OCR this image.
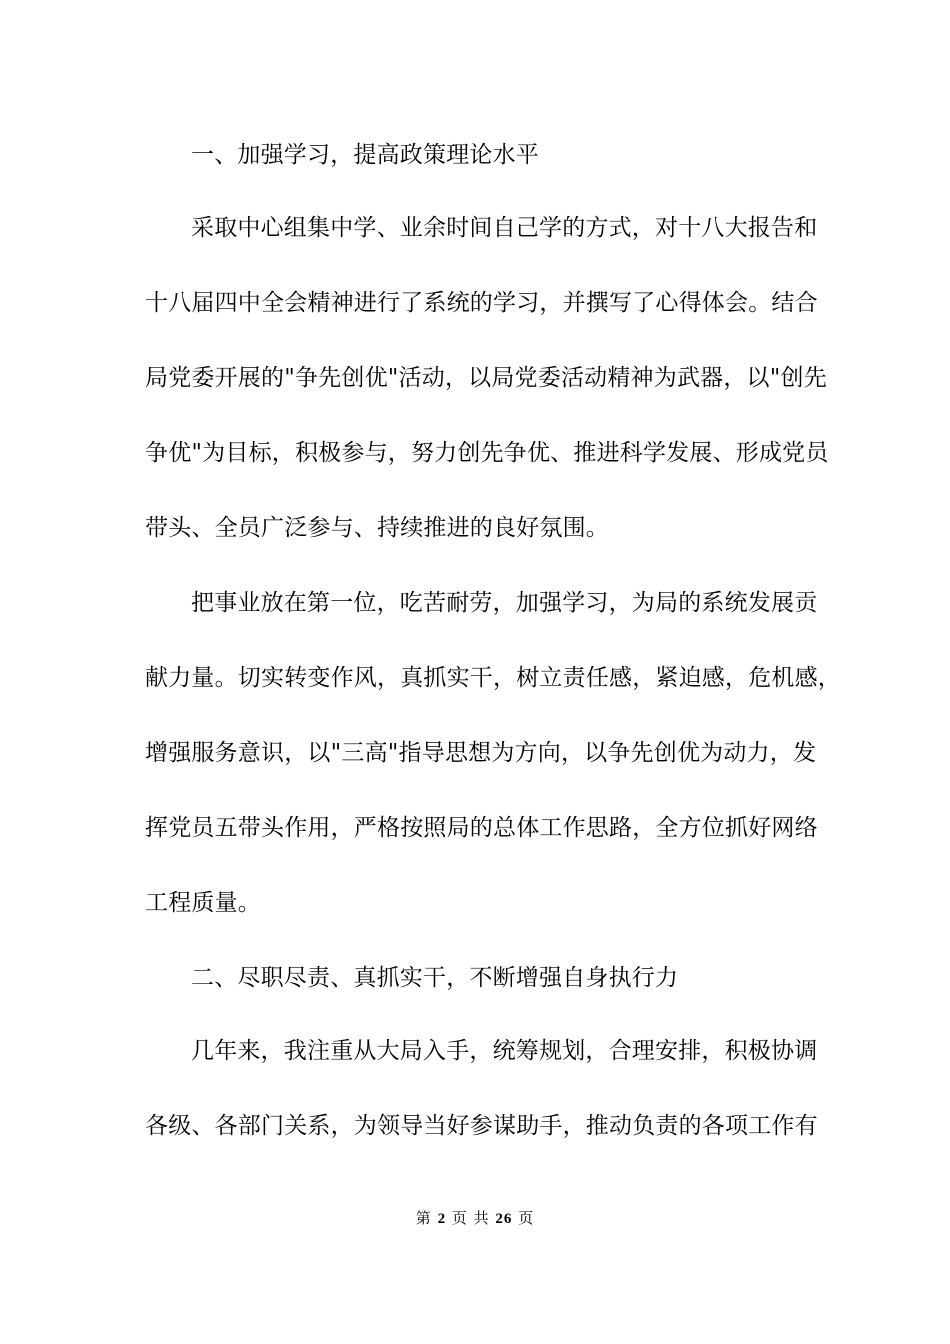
一、加强学习，提高政策理论水平
采取中心组集中学、业余时间自己学的方式，对十八大报告和
十八届四中全会精神进行了系统的学习，并撰写了心得体会。结合
局党委开展的"争先创优"活动，以局党委活动精神为武器，以"创先
争优"为目标，积极参与，努力创先争优、推进科学发展、形成党员
带头、全员广泛参与、持续推进的良好氛围。
把事业放在第一位，吃苦耐劳，加强学习，为局的系统发展贡
献力量。切实转变作风，真抓实干，树立责任感，紧迫感，危机感，
增强服务意识，以"三高"指导思想为方向，以争先创优为动力，发
挥党员五带头作用，严格按照局的总体工作思路，全方位抓好网络
工程质量。
二、尽职尽责、真抓实干，不断增强自身执行力
几年来，我注重从大局入手，统筹规划，合理安排，积极协调
各级、各部门关系，为领导当好参谋助手，推动负责的各项工作有
第 2 页 共 26 页
